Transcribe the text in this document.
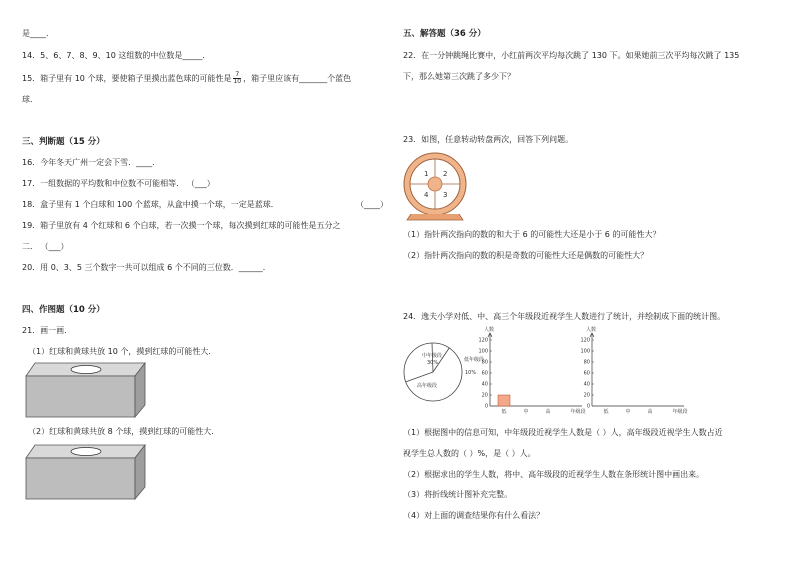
是____.
14．5、6、7、8、9、10 这组数的中位数是_____．
15．箱子里有 10 个球，要使箱子里摸出蓝色球的可能性是 $\frac{7}{10}$ ，箱子里应该有_______个蓝色
球．
三、判断题（15 分）
16．今年冬天广州一定会下雪．____．
17．一组数据的平均数和中位数不可能相等． （___）
18．盒子里有 1 个白球和 100 个蓝球，从盒中摸一个球，一定是蓝球．	（____）
19．箱子里放有 4 个红球和 6 个白球，若一次摸一个球，每次摸到红球的可能性是五分之
二． （___）
20．用 0、3、5 三个数字一共可以组成 6 个不同的三位数．______．
四、作图题（10 分）
21．画一画．
（1）红球和黄球共放 10 个，摸到红球的可能性大．
（2）红球和黄球共放 8 个球，摸到红球的可能性大．
五、解答题（36 分）
22．在一分钟跳绳比赛中，小红前两次平均每次跳了 130 下。如果她前三次平均每次跳了 135
下，那么她第三次跳了多少下？
23．如图，任意转动转盘两次，回答下列问题。
1 2
3
4
（1）指针两次指向的数的和大于 6 的可能性大还是小于 6 的可能性大？
（2）指针两次指向的数的积是奇数的可能性大还是偶数的可能性大？
24．逸夫小学对低、中、高三个年级段近视学生人数进行了统计，并绘制成下面的统计图。
中年级段
30%	低年级段
10%
高年级段
人数
0
20
40
60
80
100
120
低	中	高	年级段
人数
0
20
40
60
80
100
120
低	中	高	年级段
（1）根据图中的信息可知，中年级段近视学生人数是（ ）人，高年级段近视学生人数占近
视学生总人数的（ ）%，是（ ）人。
（2）根据求出的学生人数，将中、高年级段的近视学生人数在条形统计图中画出来。
（3）将折线统计图补充完整。
（4）对上面的调查结果你有什么看法？
